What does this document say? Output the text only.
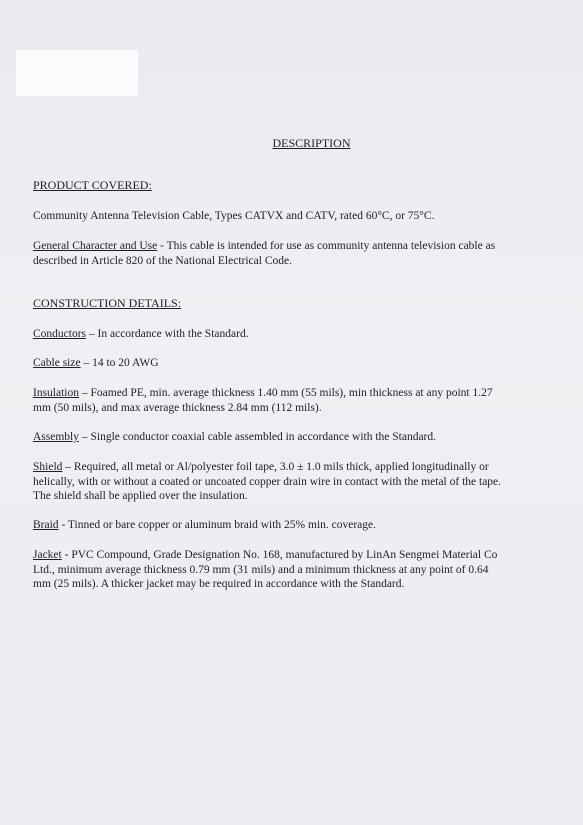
DESCRIPTION
PRODUCT COVERED:
Community Antenna Television Cable, Types CATVX and CATV, rated 60°C, or 75°C.
General Character and Use - This cable is intended for use as community antenna television cable as described in Article 820 of the National Electrical Code.
CONSTRUCTION DETAILS:
Conductors – In accordance with the Standard.
Cable size – 14 to 20 AWG
Insulation – Foamed PE, min. average thickness 1.40 mm (55 mils), min thickness at any point 1.27 mm (50 mils), and max average thickness 2.84 mm (112 mils).
Assembly – Single conductor coaxial cable assembled in accordance with the Standard.
Shield – Required, all metal or Al/polyester foil tape, 3.0 ± 1.0 mils thick, applied longitudinally or helically, with or without a coated or uncoated copper drain wire in contact with the metal of the tape. The shield shall be applied over the insulation.
Braid - Tinned or bare copper or aluminum braid with 25% min. coverage.
Jacket - PVC Compound, Grade Designation No. 168, manufactured by LinAn Sengmei Material Co Ltd., minimum average thickness 0.79 mm (31 mils) and a minimum thickness at any point of 0.64 mm (25 mils). A thicker jacket may be required in accordance with the Standard.
